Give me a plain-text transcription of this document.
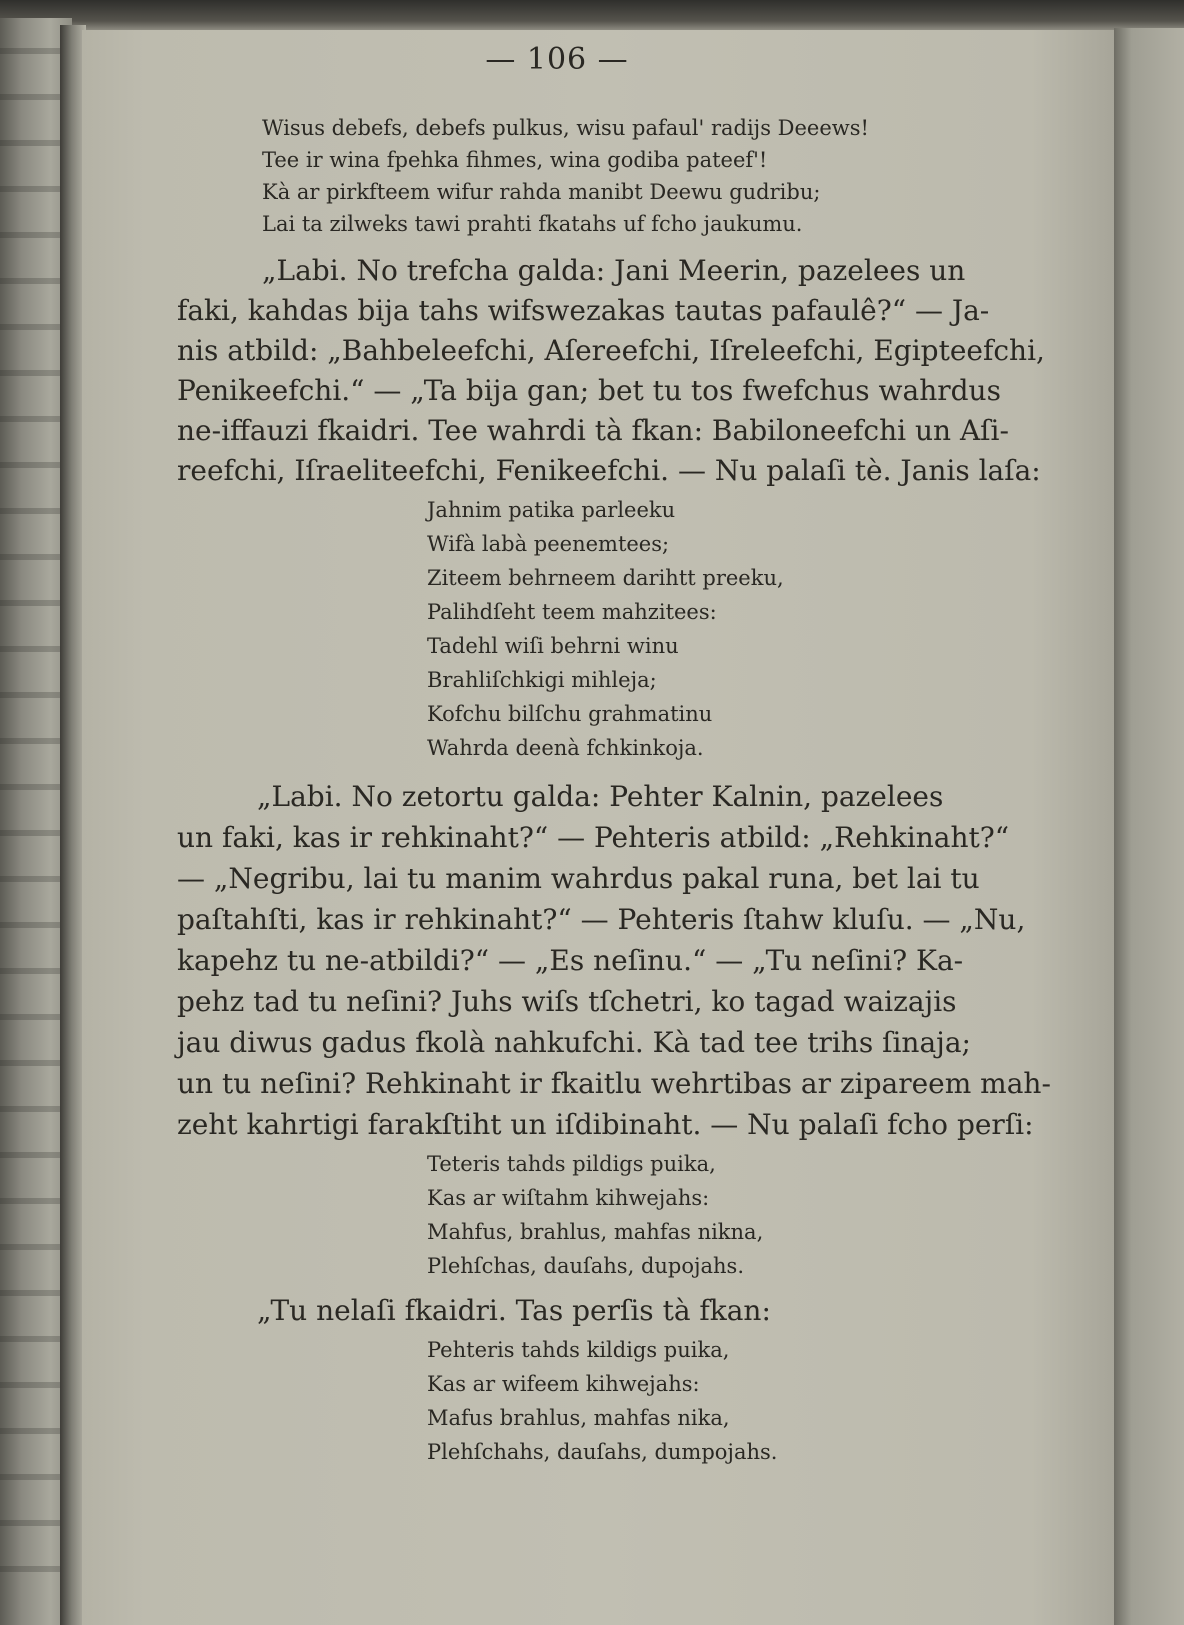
— 106 —
Wisus debefs, debefs pulkus, wisu pafaul' radijs Deeews!
Tee ir wina fpehka fihmes, wina godiba pateef'!
Kà ar pirkfteem wifur rahda manibt Deewu gudribu;
Lai ta zilweks tawi prahti fkatahs uf fcho jaukumu.
„Labi. No trefcha galda: Jani Meerin, pazelees un
faki, kahdas bija tahs wifswezakas tautas pafaulê?“ — Ja-
nis atbild: „Bahbeleefchi, Aſereefchi, Iſreleefchi, Egipteefchi,
Penikeefchi.“ — „Ta bija gan; bet tu tos fwefchus wahrdus
ne-iffauzi fkaidri. Tee wahrdi tà fkan: Babiloneefchi un Aſi-
reefchi, Iſraeliteefchi, Fenikeefchi. — Nu palaſi tè. Janis laſa:
Jahnim patika parleeku
Wifà labà peenemtees;
Ziteem behrneem darihtt preeku,
Palihdſeht teem mahzitees:
Tadehl wiſi behrni winu
Brahliſchkigi mihleja;
Kofchu bilſchu grahmatinu
Wahrda deenà fchkinkoja.
„Labi. No zetortu galda: Pehter Kalnin, pazelees
un faki, kas ir rehkinaht?“ — Pehteris atbild: „Rehkinaht?“
— „Negribu, lai tu manim wahrdus pakal runa, bet lai tu
paſtahſti, kas ir rehkinaht?“ — Pehteris ſtahw kluſu. — „Nu,
kapehz tu ne-atbildi?“ — „Es neſinu.“ — „Tu neſini? Ka-
pehz tad tu neſini? Juhs wiſs tſchetri, ko tagad waizajis
jau diwus gadus fkolà nahkufchi. Kà tad tee trihs ſinaja;
un tu neſini? Rehkinaht ir fkaitlu wehrtibas ar zipareem mah-
zeht kahrtigi farakſtiht un iſdibinaht. — Nu palaſi fcho perſi:
Teteris tahds pildigs puika,
Kas ar wiſtahm kihwejahs:
Mahfus, brahlus, mahfas nikna,
Plehſchas, dauſahs, dupojahs.
„Tu nelaſi fkaidri. Tas perſis tà fkan:
Pehteris tahds kildigs puika,
Kas ar wifeem kihwejahs:
Mafus brahlus, mahfas nika,
Plehſchahs, dauſahs, dumpojahs.
